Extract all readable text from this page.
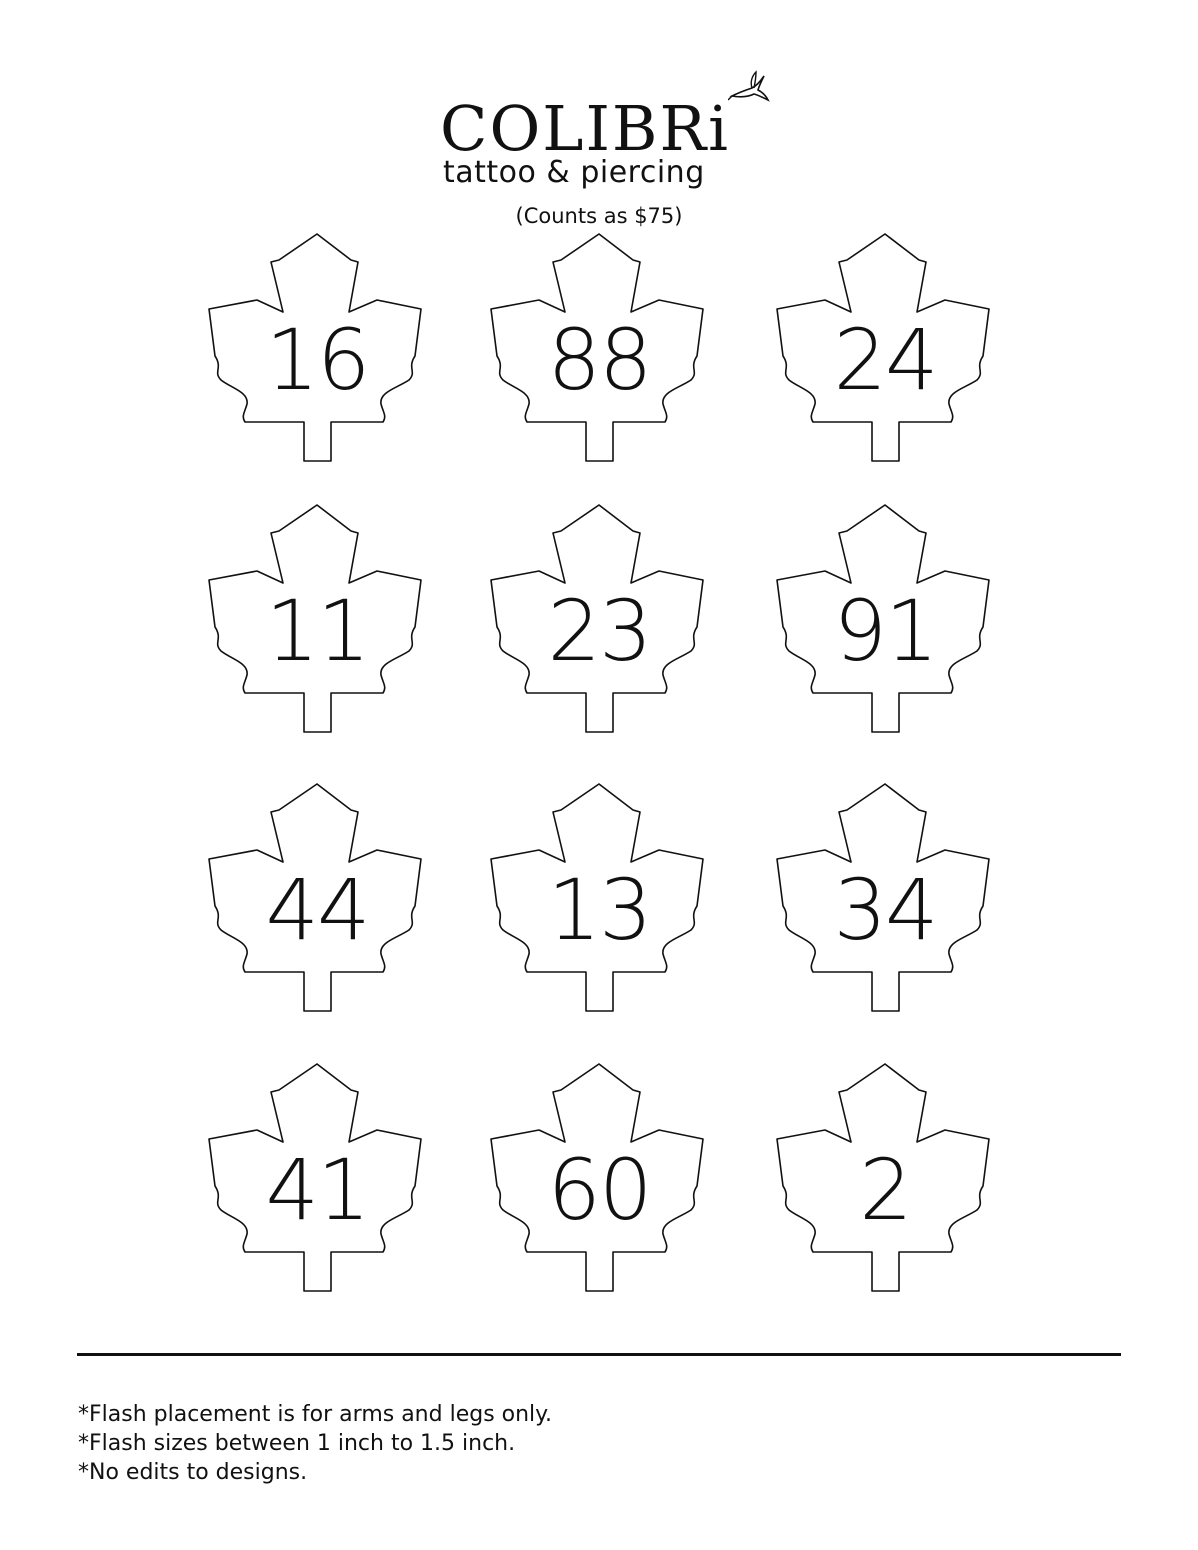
COLIBRi
tattoo & piercing
(Counts as $75)
16	88	24
11	23	91
44	13	34
41	60	2
*Flash placement is for arms and legs only.
*Flash sizes between 1 inch to 1.5 inch.
*No edits to designs.
